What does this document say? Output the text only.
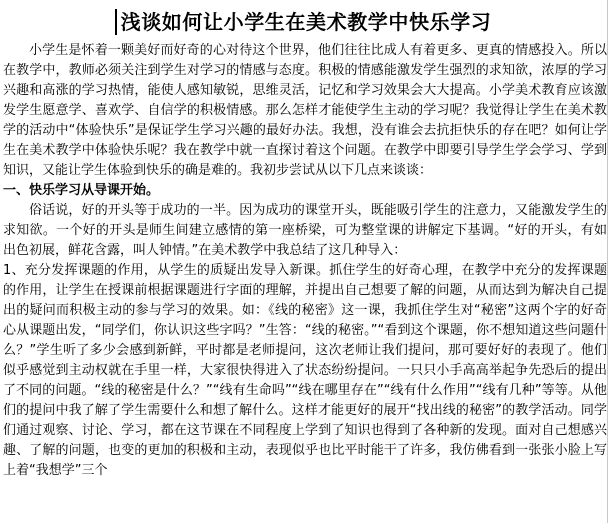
浅谈如何让小学生在美术教学中快乐学习

小学生是怀着一颗美好而好奇的心对待这个世界，他们往往比成人有着更多、更真的情感投入。所以在教学中，教师必须关注到学生对学习的情感与态度。积极的情感能激发学生强烈的求知欲，浓厚的学习兴趣和高涨的学习热情，能使人感知敏锐，思维灵活，记忆和学习效果会大大提高。小学美术教育应该激发学生愿意学、喜欢学、自信学的积极情感。那么怎样才能使学生主动的学习呢？我觉得让学生在美术教学的活动中“体验快乐”是保证学生学习兴趣的最好办法。我想，没有谁会去抗拒快乐的存在吧？如何让学生在美术教学中体验快乐呢？我在教学中就一直探讨着这个问题。在教学中即要引导学生学会学习、学到知识，又能让学生体验到快乐的确是难的。我初步尝试从以下几点来谈谈：

一、快乐学习从导课开始。

俗话说，好的开头等于成功的一半。因为成功的课堂开头，既能吸引学生的注意力，又能激发学生的求知欲。一个好的开头是师生间建立感情的第一座桥梁，可为整堂课的讲解定下基调。“好的开头，有如出色初展，鲜花含露，叫人钟情。”在美术教学中我总结了这几种导入：

1、充分发挥课题的作用，从学生的质疑出发导入新课。抓住学生的好奇心理，在教学中充分的发挥课题的作用，让学生在授课前根据课题进行字面的理解，并提出自己想要了解的问题，从而达到为解决自己提出的疑问而积极主动的参与学习的效果。如：《线的秘密》这一课，我抓住学生对“秘密”这两个字的好奇心从课题出发，“同学们，你认识这些字吗？”生答：“线的秘密。”“看到这个课题，你不想知道这些问题什么？”学生听了多少会感到新鲜，平时都是老师提问，这次老师让我们提问，那可要好好的表现了。他们似乎感觉到主动权就在手里一样，大家很快得进入了状态纷纷提问。一只只小手高高举起争先恐后的提出了不同的问题。“线的秘密是什么？”“线有生命吗”“线在哪里存在”“线有什么作用”“线有几种”等等。从他们的提问中我了解了学生需要什么和想了解什么。这样才能更好的展开“找出线的秘密”的教学活动。同学们通过观察、讨论、学习，都在这节课在不同程度上学到了知识也得到了各种新的发现。面对自己想感兴趣、了解的问题，也变的更加的积极和主动，表现似乎也比平时能干了许多，我仿佛看到一张张小脸上写上着“我想学”三个
